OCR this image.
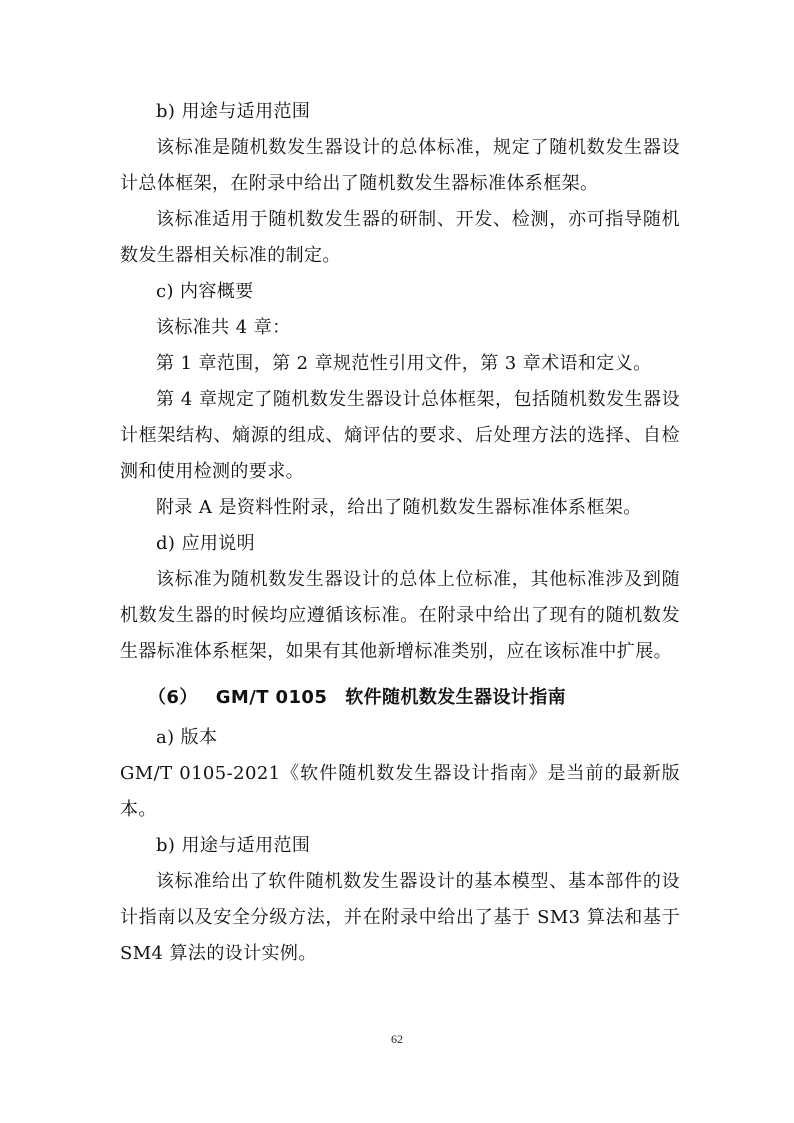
b) 用途与适用范围

该标准是随机数发生器设计的总体标准，规定了随机数发生器设计总体框架，在附录中给出了随机数发生器标准体系框架。

该标准适用于随机数发生器的研制、开发、检测，亦可指导随机数发生器相关标准的制定。

c) 内容概要

该标准共 4 章：

第 1 章范围，第 2 章规范性引用文件，第 3 章术语和定义。

第 4 章规定了随机数发生器设计总体框架，包括随机数发生器设计框架结构、熵源的组成、熵评估的要求、后处理方法的选择、自检测和使用检测的要求。

附录 A 是资料性附录，给出了随机数发生器标准体系框架。

d) 应用说明

该标准为随机数发生器设计的总体上位标准，其他标准涉及到随机数发生器的时候均应遵循该标准。在附录中给出了现有的随机数发生器标准体系框架，如果有其他新增标准类别，应在该标准中扩展。

（6） GM/T 0105 软件随机数发生器设计指南

a) 版本

GM/T 0105-2021《软件随机数发生器设计指南》是当前的最新版本。

b) 用途与适用范围

该标准给出了软件随机数发生器设计的基本模型、基本部件的设计指南以及安全分级方法，并在附录中给出了基于 SM3 算法和基于 SM4 算法的设计实例。

62
